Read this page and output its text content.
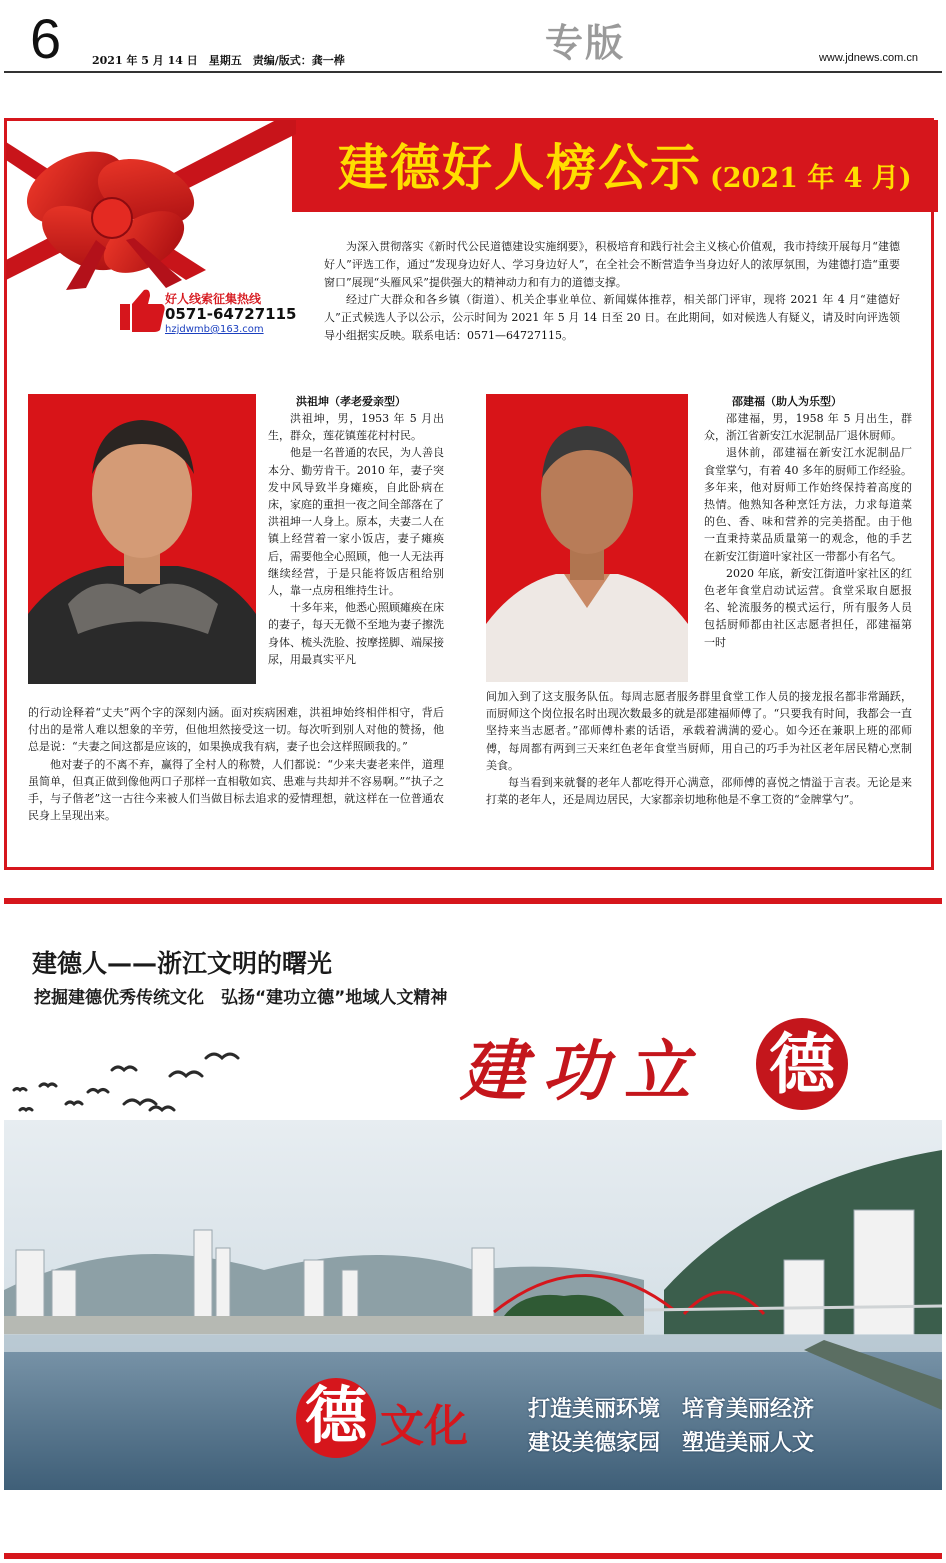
6	2021 年 5 月 14 日　星期五　责编/版式：龚一桦	专版	www.jdnews.com.cn
建德好人榜公示 (2021 年 4 月)
好人线索征集热线
0571-64727115
hzjdwmb@163.com

为深入贯彻落实《新时代公民道德建设实施纲要》，积极培育和践行社会主义核心价值观，我市持续开展每月“建德好人”评选工作，通过“发现身边好人、学习身边好人”，在全社会不断营造争当身边好人的浓厚氛围，为建德打造“重要窗口”展现“头雁风采”提供强大的精神动力和有力的道德支撑。

经过广大群众和各乡镇（街道）、机关企事业单位、新闻媒体推荐，相关部门评审，现将 2021 年 4 月“建德好人”正式候选人予以公示，公示时间为 2021 年 5 月 14 日至 20 日。在此期间，如对候选人有疑义，请及时向评选领导小组据实反映。联系电话：0571—64727115。

洪祖坤（孝老爱亲型）

洪祖坤，男，1953 年 5 月出生，群众，莲花镇莲花村村民。

他是一名普通的农民，为人善良本分、勤劳肯干。2010 年，妻子突发中风导致半身瘫痪，自此卧病在床，家庭的重担一夜之间全部落在了洪祖坤一人身上。原本，夫妻二人在镇上经营着一家小饭店，妻子瘫痪后，需要他全心照顾，他一人无法再继续经营，于是只能将饭店租给别人，靠一点房租维持生计。

十多年来，他悉心照顾瘫痪在床的妻子，每天无微不至地为妻子擦洗身体、梳头洗脸、按摩搓脚、端屎接尿，用最真实平凡

的行动诠释着“丈夫”两个字的深刻内涵。面对疾病困难，洪祖坤始终相伴相守，背后付出的是常人难以想象的辛劳，但他坦然接受这一切。每次听到别人对他的赞扬，他总是说：“夫妻之间这都是应该的，如果换成我有病，妻子也会这样照顾我的。”

他对妻子的不离不弃，赢得了全村人的称赞，人们都说：“少来夫妻老来伴，道理虽简单，但真正做到像他两口子那样一直相敬如宾、患难与共却并不容易啊。”“执子之手，与子偕老”这一古往今来被人们当做目标去追求的爱情理想，就这样在一位普通农民身上呈现出来。

邵建福（助人为乐型）

邵建福，男，1958 年 5 月出生，群众，浙江省新安江水泥制品厂退休厨师。

退休前，邵建福在新安江水泥制品厂食堂掌勺，有着 40 多年的厨师工作经验。多年来，他对厨师工作始终保持着高度的热情。他熟知各种烹饪方法，力求每道菜的色、香、味和营养的完美搭配。由于他一直秉持菜品质量第一的观念，他的手艺在新安江街道叶家社区一带都小有名气。

2020 年底，新安江街道叶家社区的红色老年食堂启动试运营。食堂采取自愿报名、轮流服务的模式运行，所有服务人员包括厨师都由社区志愿者担任，邵建福第一时

间加入到了这支服务队伍。每周志愿者服务群里食堂工作人员的接龙报名都非常踊跃，而厨师这个岗位报名时出现次数最多的就是邵建福师傅了。“只要我有时间，我都会一直坚持来当志愿者。”邵师傅朴素的话语，承载着满满的爱心。如今还在兼职上班的邵师傅，每周都有两到三天来红色老年食堂当厨师，用自己的巧手为社区老年居民精心烹制美食。

每当看到来就餐的老年人都吃得开心满意，邵师傅的喜悦之情溢于言表。无论是来打菜的老年人，还是周边居民，大家都亲切地称他是不拿工资的“金牌掌勺”。

建德人——浙江文明的曙光
挖掘建德优秀传统文化　弘扬“建功立德”地域人文精神
建功立 德
德 文化	打造美丽环境　培育美丽经济
建设美德家园　塑造美丽人文
